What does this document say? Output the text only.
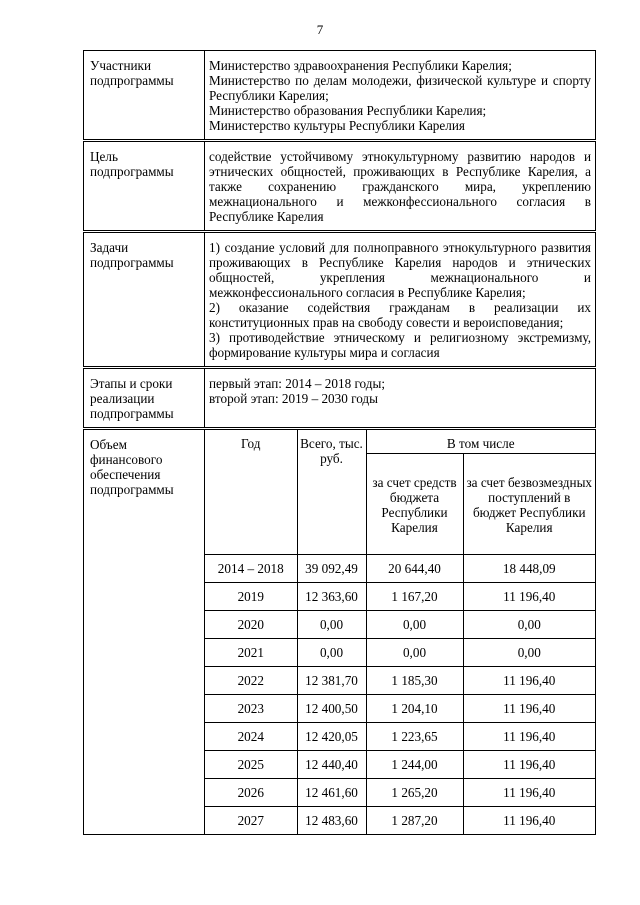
7
Участники подпрограммы	

Министерство здравоохранения Республики Карелия;

Министерство по делам молодежи, физической культуре и спорту Республики Карелия;

Министерство образования Республики Карелия;

Министерство культуры Республики Карелия

Цель подпрограммы	

содействие устойчивому этнокультурному развитию народов и этнических общностей, проживающих в Республике Карелия, а также сохранению гражданского мира, укреплению межнационального и межконфессионального согласия в Республике Карелия

Задачи подпрограммы	

1) создание условий для полноправного этнокультурного развития проживающих в Республике Карелия народов и этнических общностей, укрепления межнационального и межконфессионального согласия в Республике Карелия;

2) оказание содействия гражданам в реализации их конституционных прав на свободу совести и вероисповедания;

3) противодействие этническому и религиозному экстремизму, формирование культуры мира и согласия

Этапы и сроки реализации подпрограммы	

первый этап: 2014 – 2018 годы;

второй этап: 2019 – 2030 годы

Объем финансового обеспечения подпрограммы	
Год	Всего, тыс. руб.	В том числе
за счет средств бюджета Республики Карелия	за счет безвозмездных поступлений в бюджет Республики Карелия
2014 – 2018	39 092,49	20 644,40	18 448,09
2019	12 363,60	1 167,20	11 196,40
2020	0,00	0,00	0,00
2021	0,00	0,00	0,00
2022	12 381,70	1 185,30	11 196,40
2023	12 400,50	1 204,10	11 196,40
2024	12 420,05	1 223,65	11 196,40
2025	12 440,40	1 244,00	11 196,40
2026	12 461,60	1 265,20	11 196,40
2027	12 483,60	1 287,20	11 196,40
